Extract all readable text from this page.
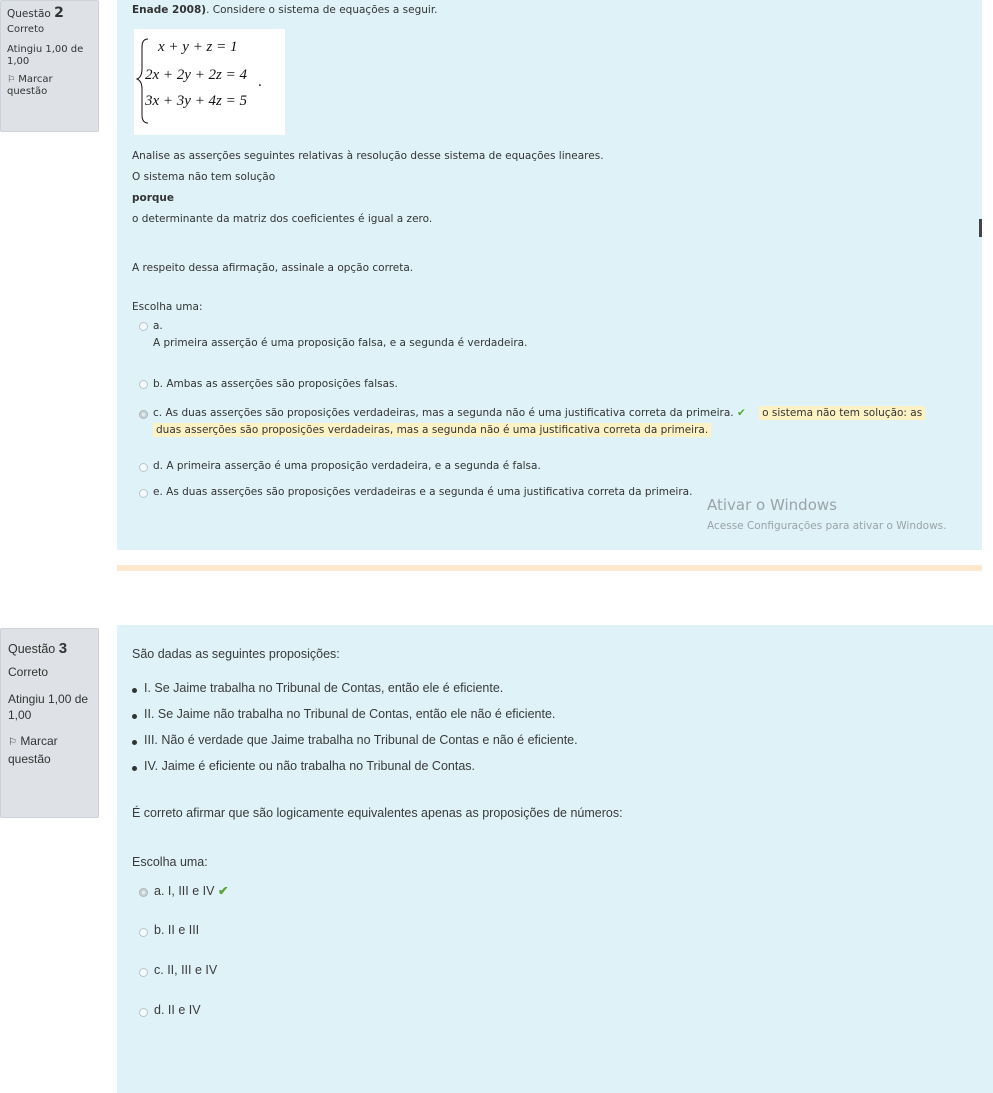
Questão 2
Correto
Atingiu 1,00 de 1,00
⚐ Marcar questão
Enade 2008). Considere o sistema de equações a seguir.
x + y + z = 1
2x + 2y + 2z = 4
3x + 3y + 4z = 5
.
Analise as asserções seguintes relativas à resolução desse sistema de equações lineares.
O sistema não tem solução
porque
o determinante da matriz dos coeficientes é igual a zero.
A respeito dessa afirmação, assinale a opção correta.
Escolha uma:
a.
A primeira asserção é uma proposição falsa, e a segunda é verdadeira.
b. Ambas as asserções são proposições falsas.
c. As duas asserções são proposições verdadeiras, mas a segunda não é uma justificativa correta da primeira. ✔ o sistema não tem solução: as
duas asserções são proposições verdadeiras, mas a segunda não é uma justificativa correta da primeira.
d. A primeira asserção é uma proposição verdadeira, e a segunda é falsa.
e. As duas asserções são proposições verdadeiras e a segunda é uma justificativa correta da primeira.
Ativar o Windows
Acesse Configurações para ativar o Windows.
Questão 3
Correto
Atingiu 1,00 de 1,00
⚐ Marcar questão
São dadas as seguintes proposições:
I. Se Jaime trabalha no Tribunal de Contas, então ele é eficiente.
II. Se Jaime não trabalha no Tribunal de Contas, então ele não é eficiente.
III. Não é verdade que Jaime trabalha no Tribunal de Contas e não é eficiente.
IV. Jaime é eficiente ou não trabalha no Tribunal de Contas.
É correto afirmar que são logicamente equivalentes apenas as proposições de números:
Escolha uma:
a. I, III e IV ✔
b. II e III
c. II, III e IV
d. II e IV
